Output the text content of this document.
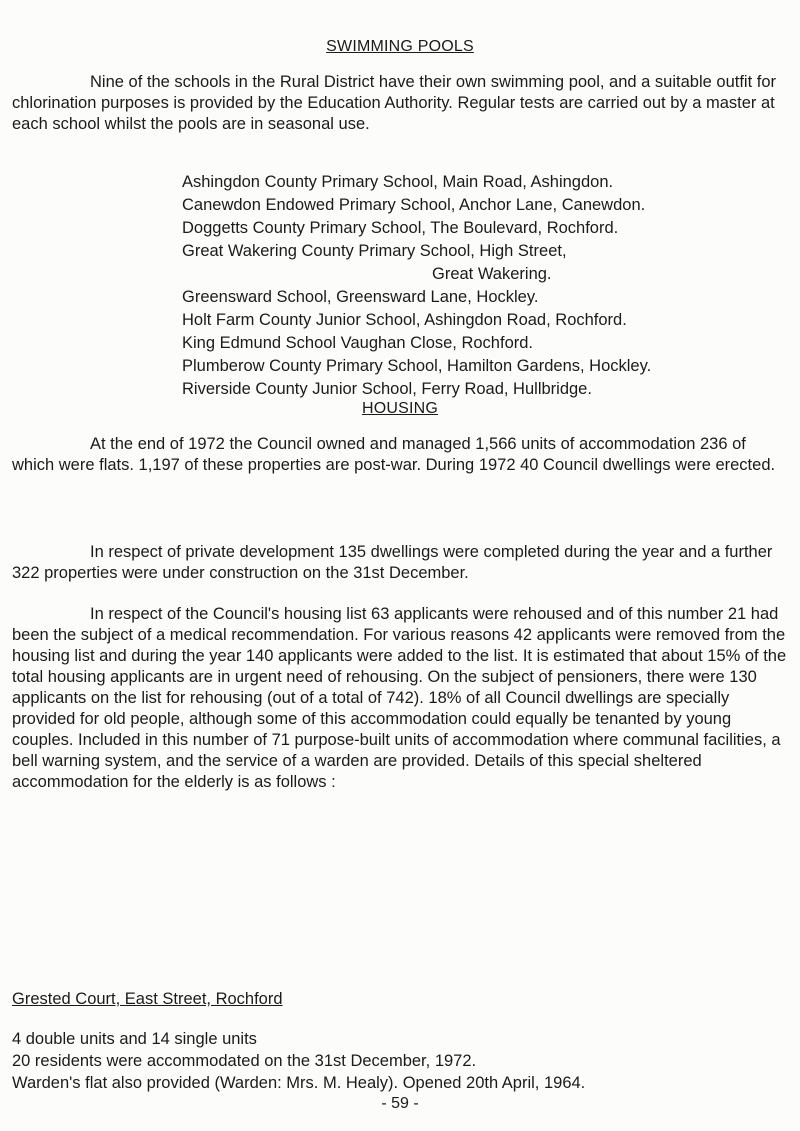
SWIMMING POOLS

Nine of the schools in the Rural District have their own swimming pool, and a suitable outfit for chlorination purposes is provided by the Education Authority. Regular tests are carried out by a master at each school whilst the pools are in seasonal use.

Ashingdon County Primary School, Main Road, Ashingdon.
Canewdon Endowed Primary School, Anchor Lane, Canewdon.
Doggetts County Primary School, The Boulevard, Rochford.
Great Wakering County Primary School, High Street,
Great Wakering.
Greensward School, Greensward Lane, Hockley.
Holt Farm County Junior School, Ashingdon Road, Rochford.
King Edmund School Vaughan Close, Rochford.
Plumberow County Primary School, Hamilton Gardens, Hockley.
Riverside County Junior School, Ferry Road, Hullbridge.
HOUSING

At the end of 1972 the Council owned and managed 1,566 units of accommodation 236 of which were flats. 1,197 of these properties are post-war. During 1972 40 Council dwellings were erected.

In respect of private development 135 dwellings were completed during the year and a further 322 properties were under construction on the 31st December.

In respect of the Council's housing list 63 applicants were rehoused and of this number 21 had been the subject of a medical recommendation. For various reasons 42 applicants were removed from the housing list and during the year 140 applicants were added to the list. It is estimated that about 15% of the total housing applicants are in urgent need of rehousing. On the subject of pensioners, there were 130 applicants on the list for rehousing (out of a total of 742). 18% of all Council dwellings are specially provided for old people, although some of this accommodation could equally be tenanted by young couples. Included in this number of 71 purpose-built units of accommodation where communal facilities, a bell warning system, and the service of a warden are provided. Details of this special sheltered accommodation for the elderly is as follows :

Grested Court, East Street, Rochford

4 double units and 14 single units

20 residents were accommodated on the 31st December, 1972.

Warden's flat also provided (Warden: Mrs. M. Healy). Opened 20th April, 1964.

- 59 -
